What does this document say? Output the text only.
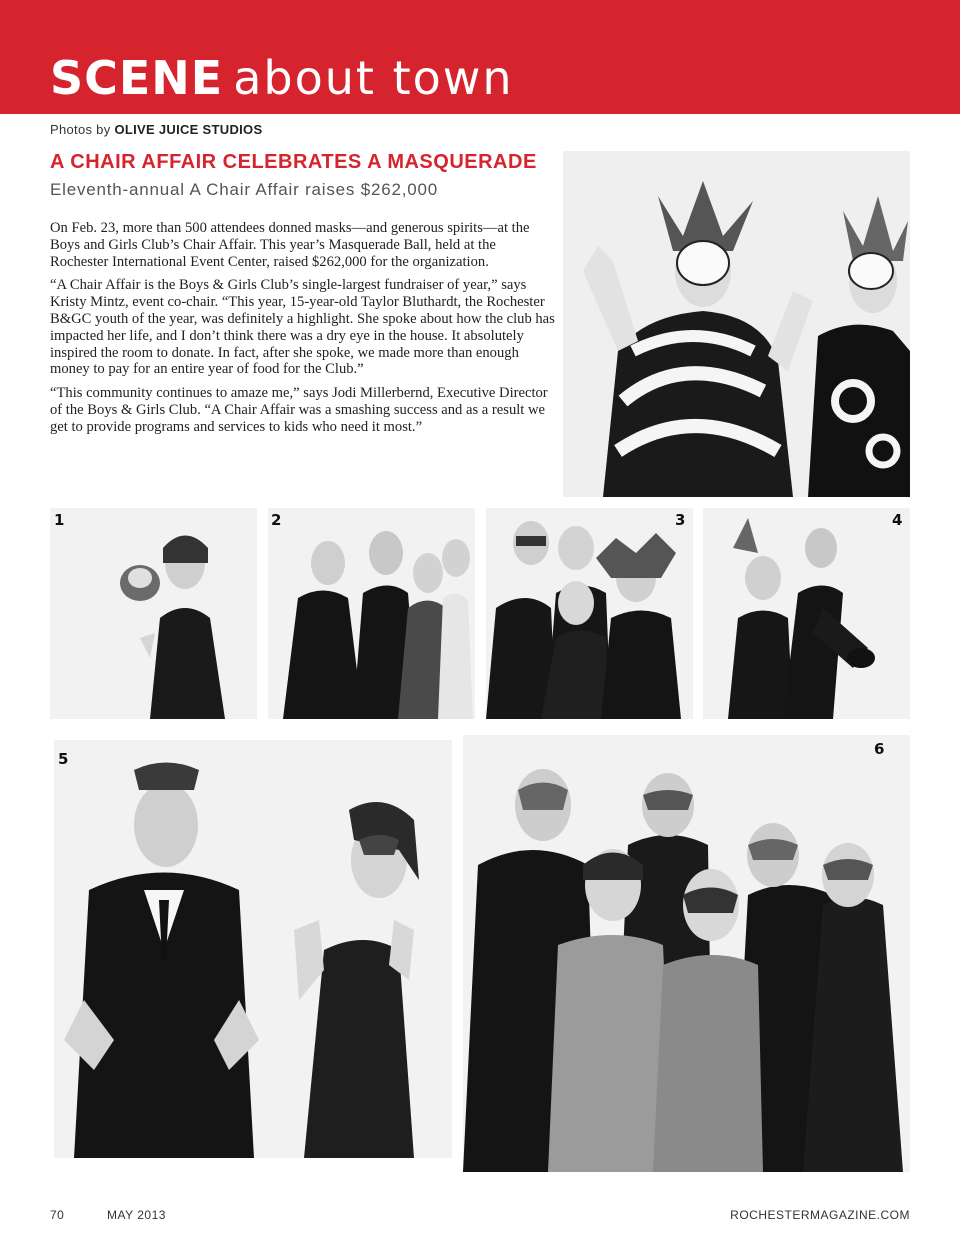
SCENE about town
Photos by OLIVE JUICE STUDIOS
A CHAIR AFFAIR CELEBRATES A MASQUERADE
Eleventh-annual A Chair Affair raises $262,000

On Feb. 23, more than 500 attendees donned masks—and generous spirits—at the Boys and Girls Club’s Chair Affair. This year’s Masquerade Ball, held at the Rochester International Event Center, raised $262,000 for the organization.

“A Chair Affair is the Boys & Girls Club’s single-largest fundraiser of year,” says Kristy Mintz, event co-chair. “This year, 15-year-old Taylor Bluthardt, the Rochester B&GC youth of the year, was definitely a highlight. She spoke about how the club has impacted her life, and I don’t think there was a dry eye in the house. It absolutely inspired the room to donate. In fact, after she spoke, we made more than enough money to pay for an entire year of food for the Club.”

“This community continues to amaze me,” says Jodi Millerbernd, Executive Director of the Boys & Girls Club. “A Chair Affair was a smashing success and as a result we get to provide programs and services to kids who need it most.”

1	2	3	4
5
6
70	MAY 2013	ROCHESTERMAGAZINE.COM
